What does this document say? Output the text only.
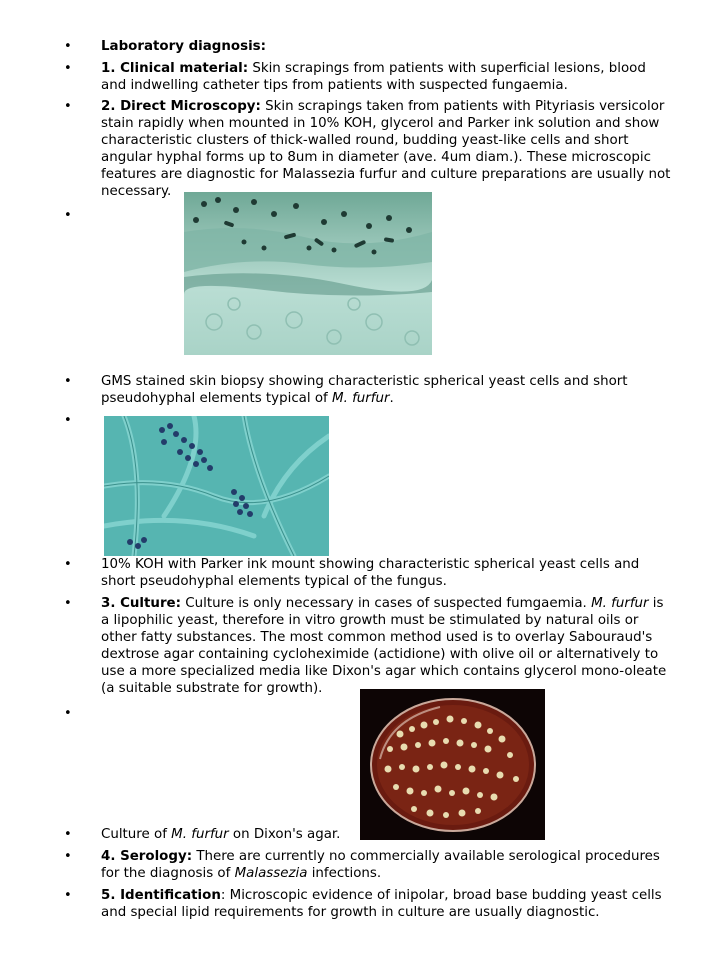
•
•
•
•
•
•
•
•
•
•
•
•
Laboratory diagnosis:
1. Clinical material: Skin scrapings from patients with superficial lesions, blood and indwelling catheter tips from patients with suspected fungaemia.
2. Direct Microscopy: Skin scrapings taken from patients with Pityriasis versicolor stain rapidly when mounted in 10% KOH, glycerol and Parker ink solution and show characteristic clusters of thick-walled round, budding yeast-like cells and short angular hyphal forms up to 8um in diameter (ave. 4um diam.). These microscopic features are diagnostic for Malassezia furfur and culture preparations are usually not necessary.
GMS stained skin biopsy showing characteristic spherical yeast cells and short pseudohyphal elements typical of M. furfur.
10% KOH with Parker ink mount showing characteristic spherical yeast cells and short pseudohyphal elements typical of the fungus.
3. Culture: Culture is only necessary in cases of suspected fumgaemia. M. furfur is a lipophilic yeast, therefore in vitro growth must be stimulated by natural oils or other fatty substances. The most common method used is to overlay Sabouraud's dextrose agar containing cycloheximide (actidione) with olive oil or alternatively to use a more specialized media like Dixon's agar which contains glycerol mono-oleate (a suitable substrate for growth).
Culture of M. furfur on Dixon's agar.
4. Serology: There are currently no commercially available serological procedures for the diagnosis of Malassezia infections.
5. Identification: Microscopic evidence of inipolar, broad base budding yeast cells and special lipid requirements for growth in culture are usually diagnostic.
